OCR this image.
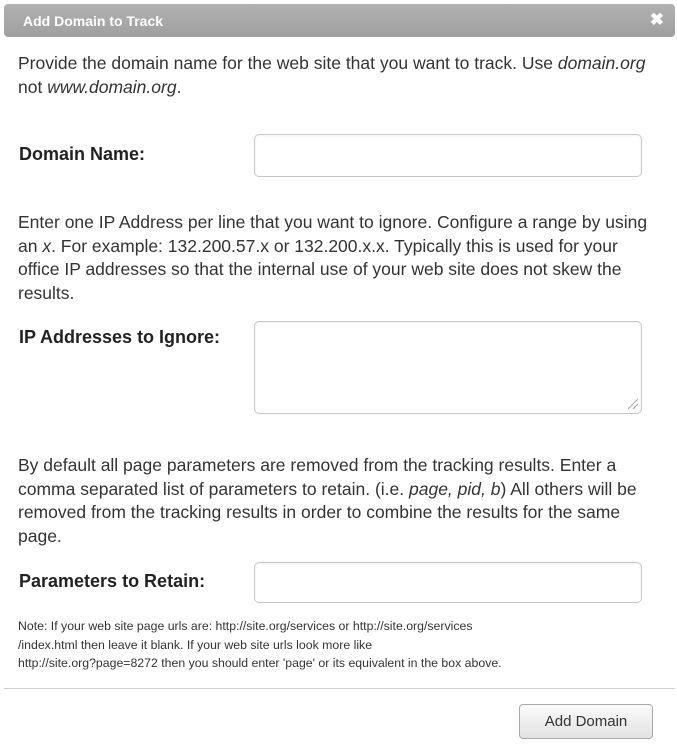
Add Domain to Track	✖
Provide the domain name for the web site that you want to track. Use domain.org not www.domain.org.
Domain Name:
Enter one IP Address per line that you want to ignore. Configure a range by using an x. For example: 132.200.57.x or 132.200.x.x. Typically this is used for your office IP addresses so that the internal use of your web site does not skew the results.
IP Addresses to Ignore:
By default all page parameters are removed from the tracking results. Enter a comma separated list of parameters to retain. (i.e. page, pid, b) All others will be removed from the tracking results in order to combine the results for the same page.
Parameters to Retain:
Note: If your web site page urls are: http://site.org/services or http://site.org/services
/index.html then leave it blank. If your web site urls look more like
http://site.org?page=8272 then you should enter 'page' or its equivalent in the box above.
Add Domain
